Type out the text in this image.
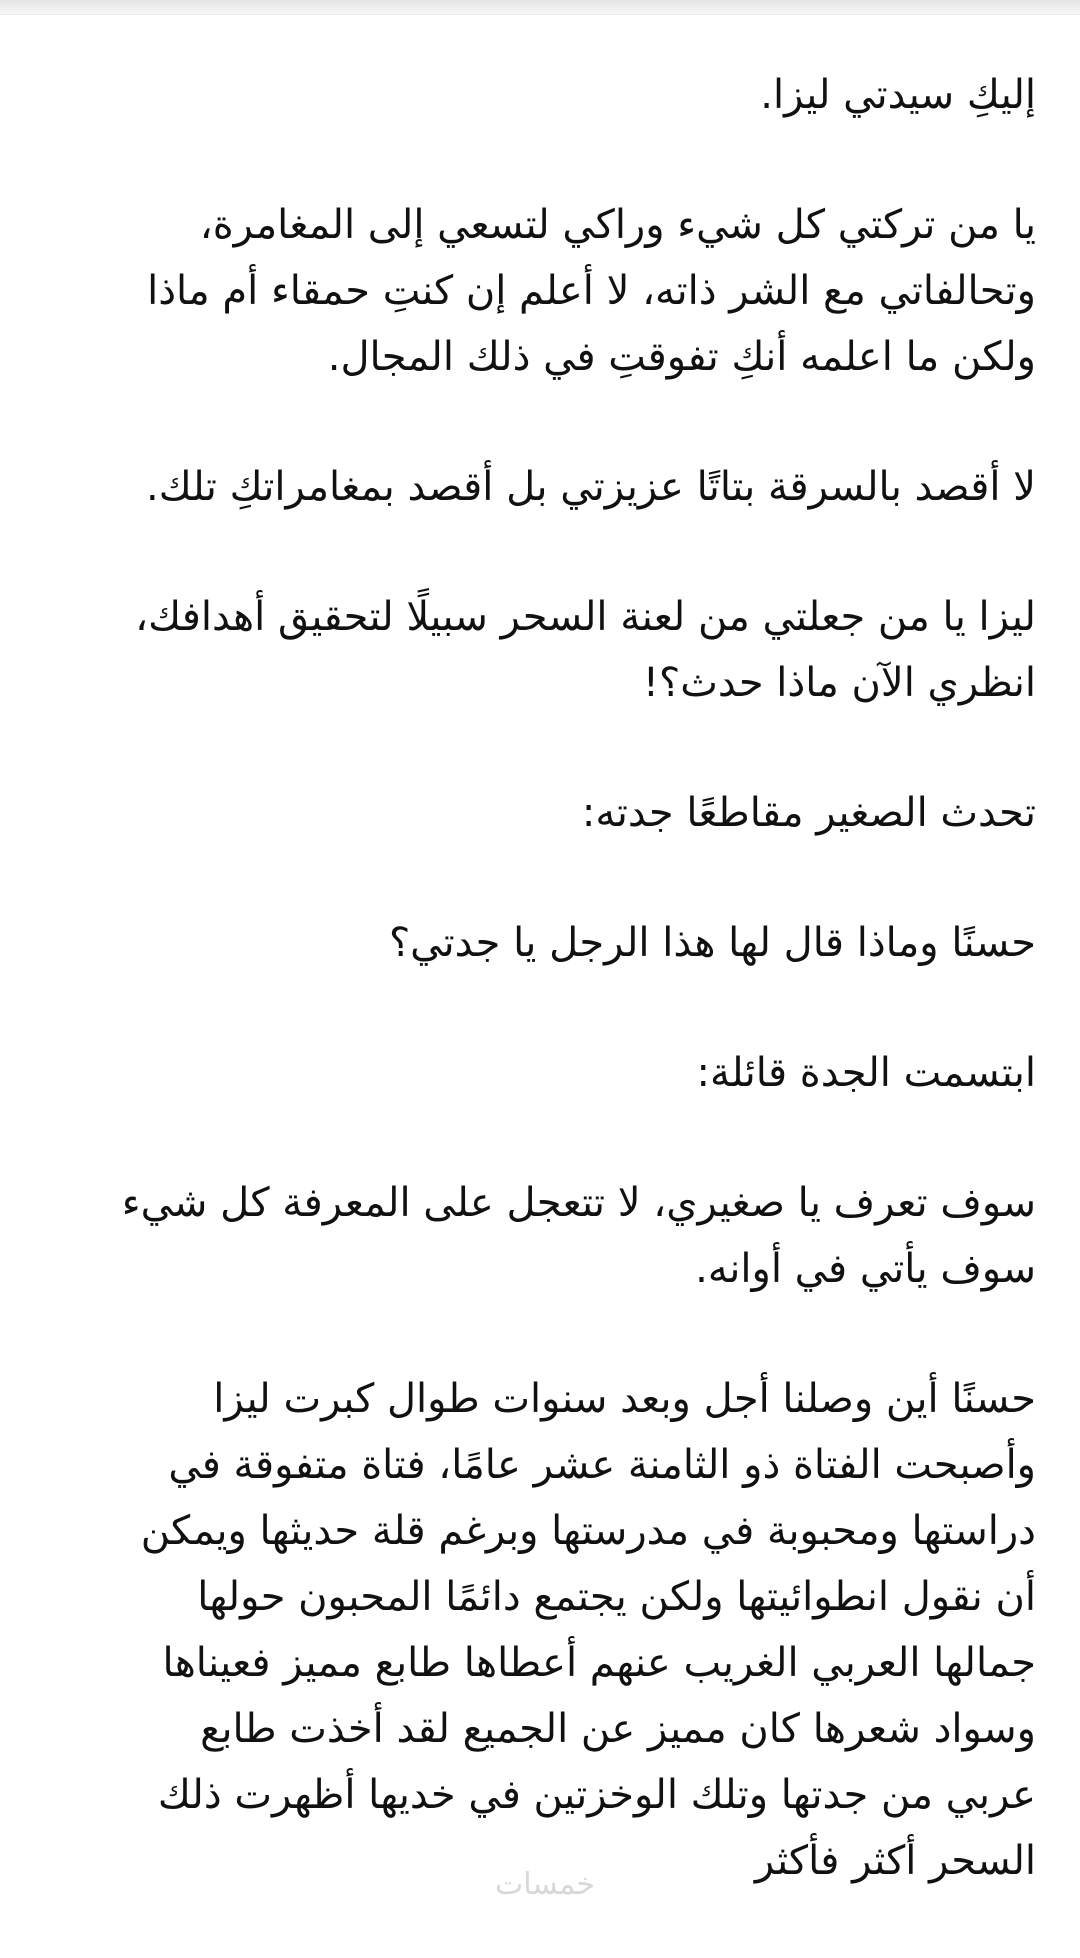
إليكِ سيدتي ليزا.

يا من تركتي كل شيء وراكي لتسعي إلى المغامرة،
وتحالفاتي مع الشر ذاته، لا أعلم إن كنتِ حمقاء أم ماذا
ولكن ما اعلمه أنكِ تفوقتِ في ذلك المجال.

لا أقصد بالسرقة بتاتًا عزيزتي بل أقصد بمغامراتكِ تلك.

ليزا يا من جعلتي من لعنة السحر سبيلًا لتحقيق أهدافك،
انظري الآن ماذا حدث؟!

تحدث الصغير مقاطعًا جدته:

حسنًا وماذا قال لها هذا الرجل يا جدتي؟

ابتسمت الجدة قائلة:

سوف تعرف يا صغيري، لا تتعجل على المعرفة كل شيء
سوف يأتي في أوانه.

حسنًا أين وصلنا أجل وبعد سنوات طوال كبرت ليزا
وأصبحت الفتاة ذو الثامنة عشر عامًا، فتاة متفوقة في
دراستها ومحبوبة في مدرستها وبرغم قلة حديثها ويمكن
أن نقول انطوائيتها ولكن يجتمع دائمًا المحبون حولها
جمالها العربي الغريب عنهم أعطاها طابع مميز فعيناها
وسواد شعرها كان مميز عن الجميع لقد أخذت طابع
عربي من جدتها وتلك الوخزتين في خديها أظهرت ذلك
السحر أكثر فأكثر

خمسات
